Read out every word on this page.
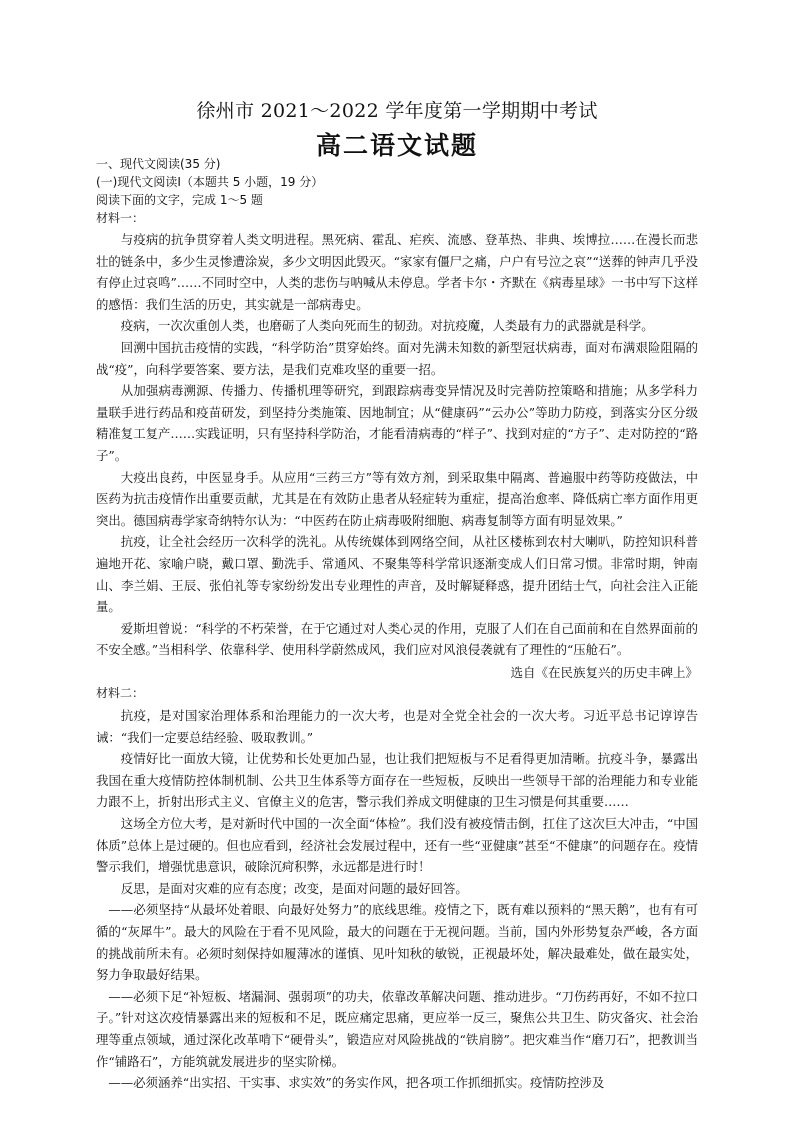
徐州市 2021～2022 学年度第一学期期中考试
高二语文试题
一、现代文阅读(35 分)
(一)现代文阅读Ⅰ（本题共 5 小题，19 分）
阅读下面的文字，完成 1～5 题
材料一：

与疫病的抗争贯穿着人类文明进程。黑死病、霍乱、疟疾、流感、登革热、非典、埃博拉……在漫长而悲壮的链条中，多少生灵惨遭涂炭，多少文明因此毁灭。“家家有僵尸之痛，户户有号泣之哀”“送葬的钟声几乎没有停止过哀鸣”……不同时空中，人类的悲伤与呐喊从未停息。学者卡尔・齐默在《病毒星球》一书中写下这样的感悟：我们生活的历史，其实就是一部病毒史。

疫病，一次次重创人类，也磨砺了人类向死而生的韧劲。对抗疫魔，人类最有力的武器就是科学。

回溯中国抗击疫情的实践，“科学防治”贯穿始终。面对先满未知数的新型冠状病毒，面对布满艰险阻隔的战“疫”，向科学要答案、要方法，是我们克难攻坚的重要一招。

从加强病毒溯源、传播力、传播机理等研究，到跟踪病毒变异情况及时完善防控策略和措施；从多学科力量联手进行药品和疫苗研发，到坚持分类施策、因地制宜；从“健康码”“云办公”等助力防疫，到落实分区分级精准复工复产……实践证明，只有坚持科学防治，才能看清病毒的“样子”、找到对症的“方子”、走对防控的“路子”。

大疫出良药，中医显身手。从应用“三药三方”等有效方剂，到采取集中隔离、普遍服中药等防疫做法，中医药为抗击疫情作出重要贡献，尤其是在有效防止患者从轻症转为重症，提高治愈率、降低病亡率方面作用更突出。德国病毒学家奇纳特尔认为：“中医药在防止病毒吸附细胞、病毒复制等方面有明显效果。”

抗疫，让全社会经历一次科学的洗礼。从传统媒体到网络空间，从社区楼栋到农村大喇叭，防控知识科普遍地开花、家喻户晓，戴口罩、勤洗手、常通风、不聚集等科学常识逐渐变成人们日常习惯。非常时期，钟南山、李兰娟、王辰、张伯礼等专家纷纷发出专业理性的声音，及时解疑释惑，提升团结士气，向社会注入正能量。

爱斯坦曾说：“科学的不朽荣誉，在于它通过对人类心灵的作用，克服了人们在自己面前和在自然界面前的不安全感。”当相科学、依靠科学、使用科学蔚然成风，我们应对风浪侵袭就有了理性的“压舱石”。

选自《在民族复兴的历史丰碑上》

材料二：

抗疫，是对国家治理体系和治理能力的一次大考，也是对全党全社会的一次大考。习近平总书记谆谆告诫：“我们一定要总结经验、吸取教训。”

疫情好比一面放大镜，让优势和长处更加凸显，也让我们把短板与不足看得更加清晰。抗疫斗争，暴露出我国在重大疫情防控体制机制、公共卫生体系等方面存在一些短板，反映出一些领导干部的治理能力和专业能力跟不上，折射出形式主义、官僚主义的危害，警示我们养成文明健康的卫生习惯是何其重要……

这场全方位大考，是对新时代中国的一次全面“体检”。我们没有被疫情击倒，扛住了这次巨大冲击，“中国体质”总体上是过硬的。但也应看到，经济社会发展过程中，还有一些“亚健康”甚至“不健康”的问题存在。疫情警示我们，增强忧患意识，破除沉疴积弊，永远都是进行时！

反思，是面对灾难的应有态度；改变，是面对问题的最好回答。

——必须坚持“从最坏处着眼、向最好处努力”的底线思维。疫情之下，既有难以预料的“黑天鹅”，也有有可循的“灰犀牛”。最大的风险在于看不见风险，最大的问题在于无视问题。当前，国内外形势复杂严峻，各方面的挑战前所未有。必须时刻保持如履薄冰的谨慎、见叶知秋的敏锐，正视最坏处，解决最难处，做在最实处，努力争取最好结果。

——必须下足“补短板、堵漏洞、强弱项”的功夫，依靠改革解决问题、推动进步。“刀伤药再好，不如不拉口子。”针对这次疫情暴露出来的短板和不足，既应痛定思痛，更应举一反三，聚焦公共卫生、防灾备灾、社会治理等重点领域，通过深化改革啃下“硬骨头”，锻造应对风险挑战的“铁肩膀”。把灾难当作“磨刀石”，把教训当作“铺路石”，方能筑就发展进步的坚实阶梯。

——必须涵养“出实招、干实事、求实效”的务实作风，把各项工作抓细抓实。疫情防控涉及
